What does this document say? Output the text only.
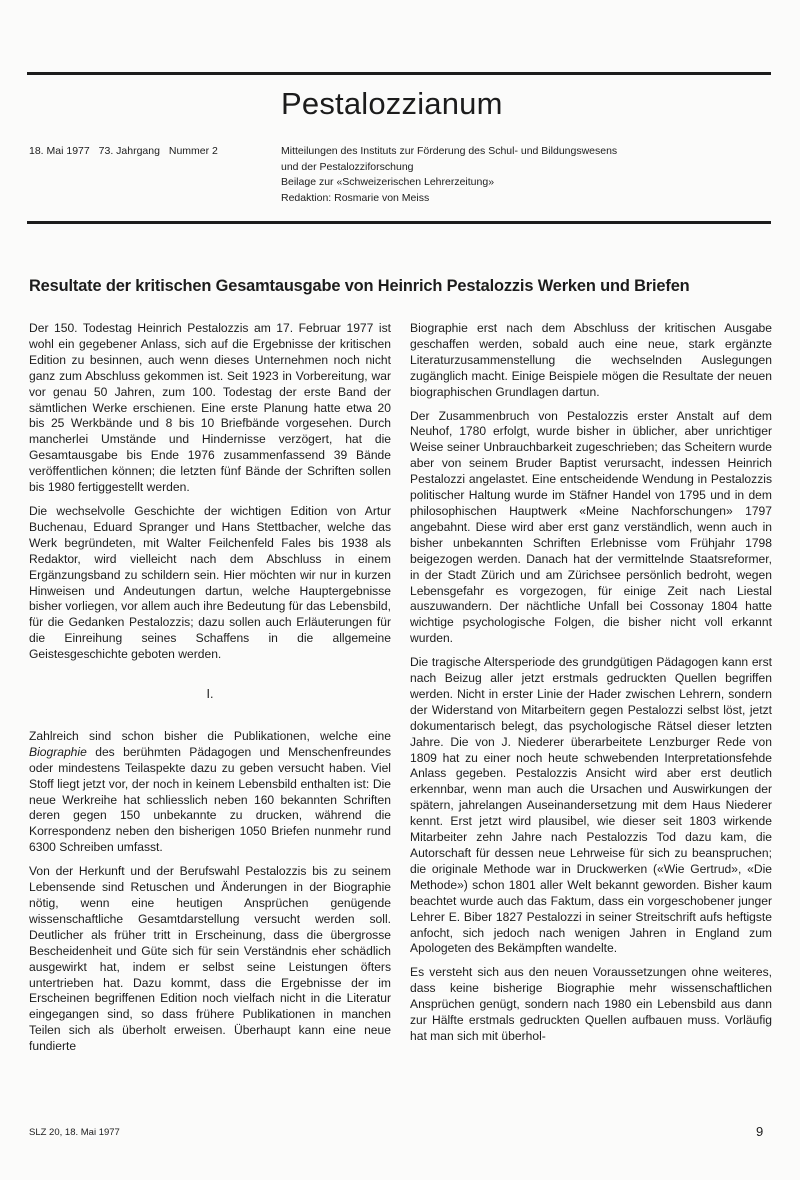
Pestalozzianum
18. Mai 1977 73. Jahrgang Nummer 2	Mitteilungen des Instituts zur Förderung des Schul- und Bildungswesens
und der Pestalozziforschung
Beilage zur «Schweizerischen Lehrerzeitung»
Redaktion: Rosmarie von Meiss
Resultate der kritischen Gesamtausgabe von Heinrich Pestalozzis Werken und Briefen

Der 150. Todestag Heinrich Pestalozzis am 17. Februar 1977 ist wohl ein gegebener Anlass, sich auf die Ergebnisse der kritischen Edition zu besinnen, auch wenn dieses Unternehmen noch nicht ganz zum Abschluss gekommen ist. Seit 1923 in Vorbereitung, war vor genau 50 Jahren, zum 100. Todestag der erste Band der sämtlichen Werke erschienen. Eine erste Planung hatte etwa 20 bis 25 Werkbände und 8 bis 10 Briefbände vorgesehen. Durch mancherlei Umstände und Hindernisse verzögert, hat die Gesamtausgabe bis Ende 1976 zusammenfassend 39 Bände veröffentlichen können; die letzten fünf Bände der Schriften sollen bis 1980 fertiggestellt werden.

Die wechselvolle Geschichte der wichtigen Edition von Artur Buchenau, Eduard Spranger und Hans Stettbacher, welche das Werk begründeten, mit Walter Feilchenfeld Fales bis 1938 als Redaktor, wird vielleicht nach dem Abschluss in einem Ergänzungsband zu schildern sein. Hier möchten wir nur in kurzen Hinweisen und Andeutungen dartun, welche Hauptergebnisse bisher vorliegen, vor allem auch ihre Bedeutung für das Lebensbild, für die Gedanken Pestalozzis; dazu sollen auch Erläuterungen für die Einreihung seines Schaffens in die allgemeine Geistesgeschichte geboten werden.

I.

Zahlreich sind schon bisher die Publikationen, welche eine Biographie des berühmten Pädagogen und Menschenfreundes oder mindestens Teilaspekte dazu zu geben versucht haben. Viel Stoff liegt jetzt vor, der noch in keinem Lebensbild enthalten ist: Die neue Werkreihe hat schliesslich neben 160 bekannten Schriften deren gegen 150 unbekannte zu drucken, während die Korrespondenz neben den bisherigen 1050 Briefen nunmehr rund 6300 Schreiben umfasst.

Von der Herkunft und der Berufswahl Pestalozzis bis zu seinem Lebensende sind Retuschen und Änderungen in der Biographie nötig, wenn eine heutigen Ansprüchen genügende wissenschaftliche Gesamtdarstellung versucht werden soll. Deutlicher als früher tritt in Erscheinung, dass die übergrosse Bescheidenheit und Güte sich für sein Verständnis eher schädlich ausgewirkt hat, indem er selbst seine Leistungen öfters untertrieben hat. Dazu kommt, dass die Ergebnisse der im Erscheinen begriffenen Edition noch vielfach nicht in die Literatur eingegangen sind, so dass frühere Publikationen in manchen Teilen sich als überholt erweisen. Überhaupt kann eine neue fundierte

Biographie erst nach dem Abschluss der kritischen Ausgabe geschaffen werden, sobald auch eine neue, stark ergänzte Literaturzusammenstellung die wechselnden Auslegungen zugänglich macht. Einige Beispiele mögen die Resultate der neuen biographischen Grundlagen dartun.

Der Zusammenbruch von Pestalozzis erster Anstalt auf dem Neuhof, 1780 erfolgt, wurde bisher in üblicher, aber unrichtiger Weise seiner Unbrauchbarkeit zugeschrieben; das Scheitern wurde aber von seinem Bruder Baptist verursacht, indessen Heinrich Pestalozzi angelastet. Eine entscheidende Wendung in Pestalozzis politischer Haltung wurde im Stäfner Handel von 1795 und in dem philosophischen Hauptwerk «Meine Nachforschungen» 1797 angebahnt. Diese wird aber erst ganz verständlich, wenn auch in bisher unbekannten Schriften Erlebnisse vom Frühjahr 1798 beigezogen werden. Danach hat der vermittelnde Staatsreformer, in der Stadt Zürich und am Zürichsee persönlich bedroht, wegen Lebensgefahr es vorgezogen, für einige Zeit nach Liestal auszuwandern. Der nächtliche Unfall bei Cossonay 1804 hatte wichtige psychologische Folgen, die bisher nicht voll erkannt wurden.

Die tragische Altersperiode des grundgütigen Pädagogen kann erst nach Beizug aller jetzt erstmals gedruckten Quellen begriffen werden. Nicht in erster Linie der Hader zwischen Lehrern, sondern der Widerstand von Mitarbeitern gegen Pestalozzi selbst löst, jetzt dokumentarisch belegt, das psychologische Rätsel dieser letzten Jahre. Die von J. Niederer überarbeitete Lenzburger Rede von 1809 hat zu einer noch heute schwebenden Interpretationsfehde Anlass gegeben. Pestalozzis Ansicht wird aber erst deutlich erkennbar, wenn man auch die Ursachen und Auswirkungen der spätern, jahrelangen Auseinandersetzung mit dem Haus Niederer kennt. Erst jetzt wird plausibel, wie dieser seit 1803 wirkende Mitarbeiter zehn Jahre nach Pestalozzis Tod dazu kam, die Autorschaft für dessen neue Lehrweise für sich zu beanspruchen; die originale Methode war in Druckwerken («Wie Gertrud», «Die Methode») schon 1801 aller Welt bekannt geworden. Bisher kaum beachtet wurde auch das Faktum, dass ein vorgeschobener junger Lehrer E. Biber 1827 Pestalozzi in seiner Streitschrift aufs heftigste anfocht, sich jedoch nach wenigen Jahren in England zum Apologeten des Bekämpften wandelte.

Es versteht sich aus den neuen Voraussetzungen ohne weiteres, dass keine bisherige Biographie mehr wissenschaftlichen Ansprüchen genügt, sondern nach 1980 ein Lebensbild aus dann zur Hälfte erstmals gedruckten Quellen aufbauen muss. Vorläufig hat man sich mit überhol-

SLZ 20, 18. Mai 1977	9
